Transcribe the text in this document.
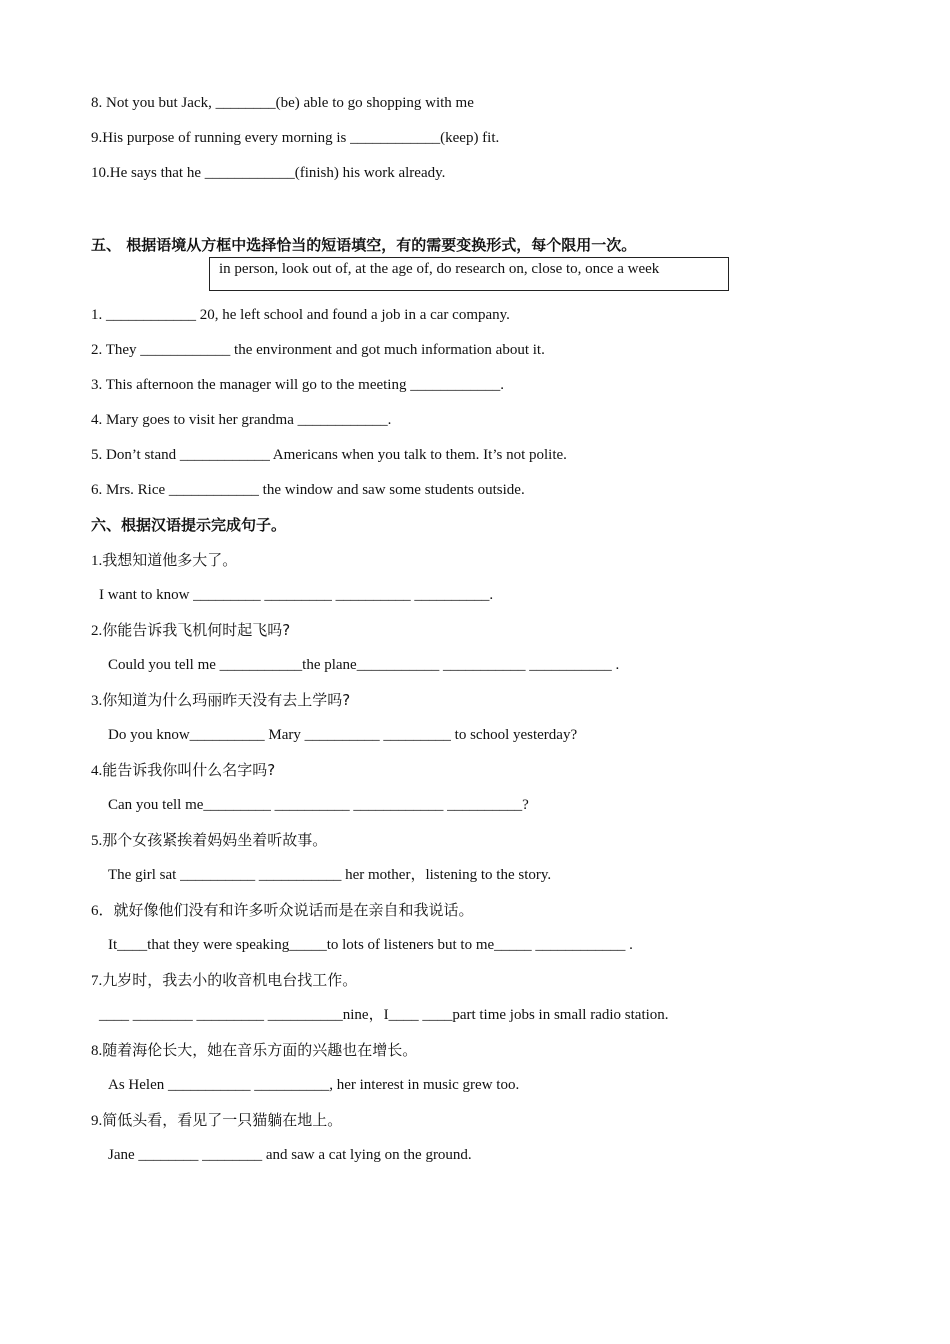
8. Not you but Jack, ________(be) able to go shopping with me
9.His purpose of running every morning is ____________(keep) fit.
10.He says that he ____________(finish) his work already.
五、 根据语境从方框中选择恰当的短语填空，有的需要变换形式，每个限用一次。
in person, look out of, at the age of, do research on, close to, once a week
1. ____________ 20, he left school and found a job in a car company.
2. They ____________ the environment and got much information about it.
3. This afternoon the manager will go to the meeting ____________.
4. Mary goes to visit her grandma ____________.
5. Don’t stand ____________ Americans when you talk to them. It’s not polite.
6. Mrs. Rice ____________ the window and saw some students outside.
六、根据汉语提示完成句子。
1.我想知道他多大了。
I want to know _________ _________ __________ __________.
2.你能告诉我飞机何时起飞吗?
Could you tell me ___________the plane___________ ___________ ___________ .
3.你知道为什么玛丽昨天没有去上学吗?
Do you know__________ Mary __________ _________ to school yesterday?
4.能告诉我你叫什么名字吗?
Can you tell me_________ __________ ____________ __________?
5.那个女孩紧挨着妈妈坐着听故事。
The girl sat __________ ___________ her mother，listening to the story.
6．就好像他们没有和许多听众说话而是在亲自和我说话。
It____that they were speaking_____to lots of listeners but to me_____ ____________ .
7.九岁时，我去小的收音机电台找工作。
____ ________ _________ __________nine，I____ ____part time jobs in small radio station.
8.随着海伦长大，她在音乐方面的兴趣也在增长。
As Helen ___________ __________, her interest in music grew too.
9.简低头看，看见了一只猫躺在地上。
Jane ________ ________ and saw a cat lying on the ground.
